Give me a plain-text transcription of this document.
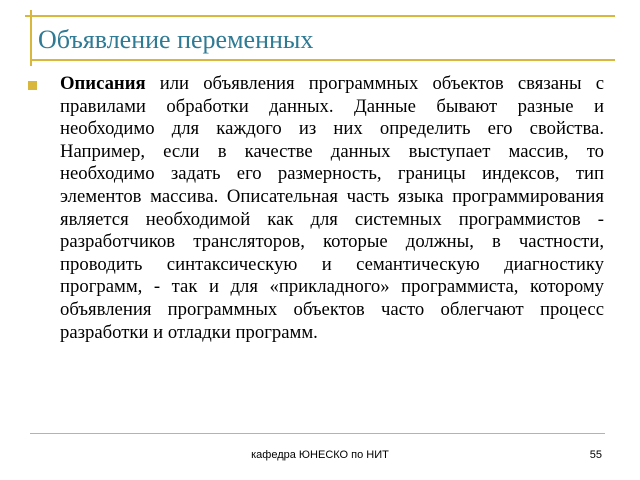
Объявление переменных
Описания или объявления программных объектов связаны с правилами обработки данных. Данные бывают разные и необходимо для каждого из них определить его свойства. Например, если в качестве данных выступает массив, то необходимо задать его размерность, границы индексов, тип элементов массива. Описательная часть языка программирования является необходимой как для системных программистов - разработчиков трансляторов, которые должны, в частности, проводить синтаксическую и семантическую диагностику программ, - так и для «прикладного» программиста, которому объявления программных объектов часто облегчают процесс разработки и отладки программ.
кафедра ЮНЕСКО по НИТ	55
